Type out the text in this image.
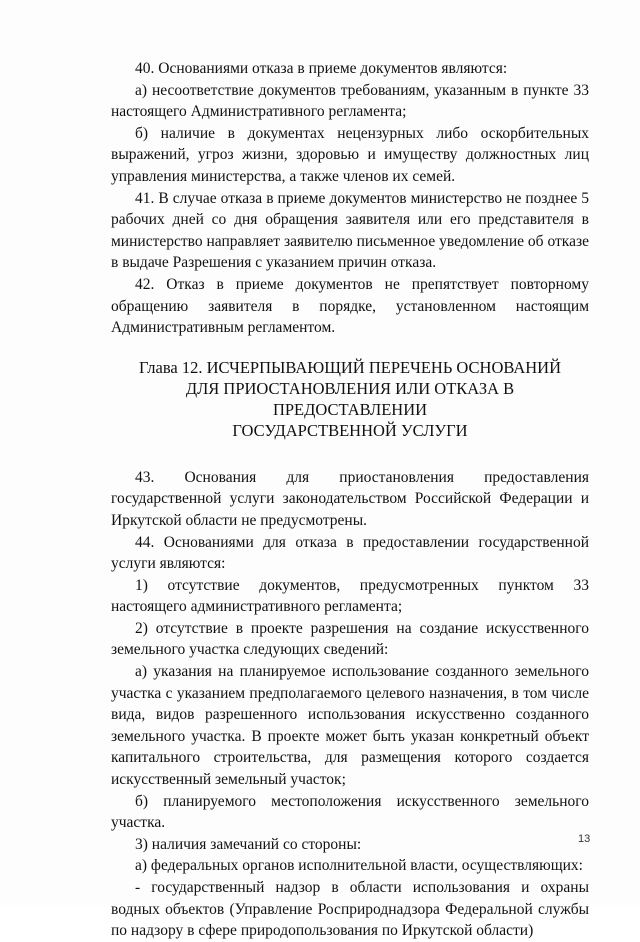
40. Основаниями отказа в приеме документов являются:

а) несоответствие документов требованиям, указанным в пункте 33 настоящего Административного регламента;

б) наличие в документах нецензурных либо оскорбительных выражений, угроз жизни, здоровью и имуществу должностных лиц управления министерства, а также членов их семей.

41. В случае отказа в приеме документов министерство не позднее 5 рабочих дней со дня обращения заявителя или его представителя в министерство направляет заявителю письменное уведомление об отказе в выдаче Разрешения с указанием причин отказа.

42. Отказ в приеме документов не препятствует повторному обращению заявителя в порядке, установленном настоящим Административным регламентом.

Глава 12. ИСЧЕРПЫВАЮЩИЙ ПЕРЕЧЕНЬ ОСНОВАНИЙ
ДЛЯ ПРИОСТАНОВЛЕНИЯ ИЛИ ОТКАЗА В ПРЕДОСТАВЛЕНИИ
ГОСУДАРСТВЕННОЙ УСЛУГИ

43. Основания для приостановления предоставления государственной услуги законодательством Российской Федерации и Иркутской области не предусмотрены.

44. Основаниями для отказа в предоставлении государственной услуги являются:

1) отсутствие документов, предусмотренных пунктом 33 настоящего административного регламента;

2) отсутствие в проекте разрешения на создание искусственного земельного участка следующих сведений:

а) указания на планируемое использование созданного земельного участка с указанием предполагаемого целевого назначения, в том числе вида, видов разрешенного использования искусственно созданного земельного участка. В проекте может быть указан конкретный объект капитального строительства, для размещения которого создается искусственный земельный участок;

б) планируемого местоположения искусственного земельного участка.

3) наличия замечаний со стороны:

а) федеральных органов исполнительной власти, осуществляющих:

- государственный надзор в области использования и охраны водных объектов (Управление Росприроднадзора Федеральной службы по надзору в сфере природопользования по Иркутской области)

13
